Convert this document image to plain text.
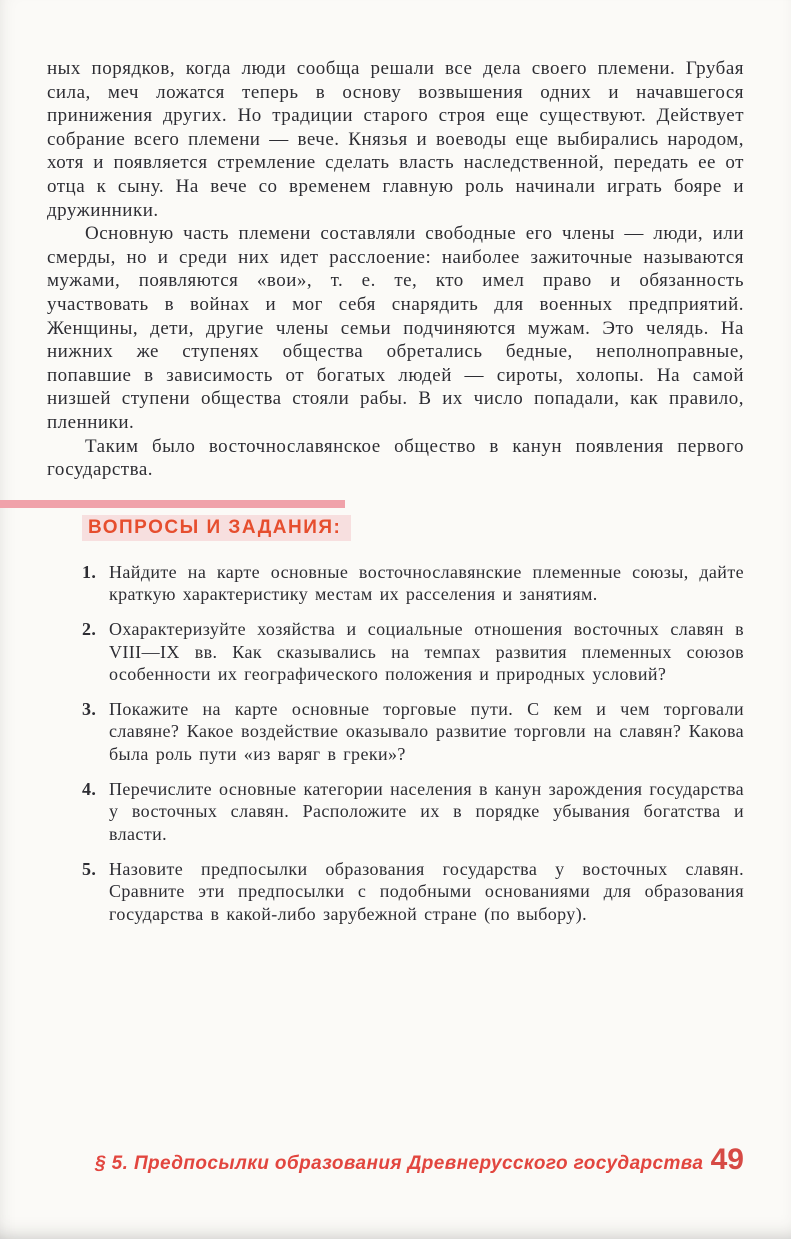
ных порядков, когда люди сообща решали все дела своего племени. Грубая сила, меч ложатся теперь в основу возвышения одних и начавшегося принижения других. Но традиции старого строя еще существуют. Действует собрание всего племени — вече. Князья и воеводы еще выбирались народом, хотя и появляется стремление сделать власть наследственной, передать ее от отца к сыну. На вече со временем главную роль начинали играть бояре и дружинники.

Основную часть племени составляли свободные его члены — люди, или смерды, но и среди них идет расслоение: наиболее зажиточные называются мужами, появляются «вои», т. е. те, кто имел право и обязанность участвовать в войнах и мог себя снарядить для военных предприятий. Женщины, дети, другие члены семьи подчиняются мужам. Это челядь. На нижних же ступенях общества обретались бедные, неполноправные, попавшие в зависимость от богатых людей — сироты, холопы. На самой низшей ступени общества стояли рабы. В их число попадали, как правило, пленники.

Таким было восточнославянское общество в канун появления первого государства.

ВОПРОСЫ И ЗАДАНИЯ:
1. Найдите на карте основные восточнославянские племенные союзы, дайте краткую характеристику местам их расселения и занятиям.
2. Охарактеризуйте хозяйства и социальные отношения восточных славян в VIII—IX вв. Как сказывались на темпах развития племенных союзов особенности их географического положения и природных условий?
3. Покажите на карте основные торговые пути. С кем и чем торговали славяне? Какое воздействие оказывало развитие торговли на славян? Какова была роль пути «из варяг в греки»?
4. Перечислите основные категории населения в канун зарождения государства у восточных славян. Расположите их в порядке убывания богатства и власти.
5. Назовите предпосылки образования государства у восточных славян. Сравните эти предпосылки с подобными основаниями для образования государства в какой-либо зарубежной стране (по выбору).
§ 5. Предпосылки образования Древнерусского государства 49
